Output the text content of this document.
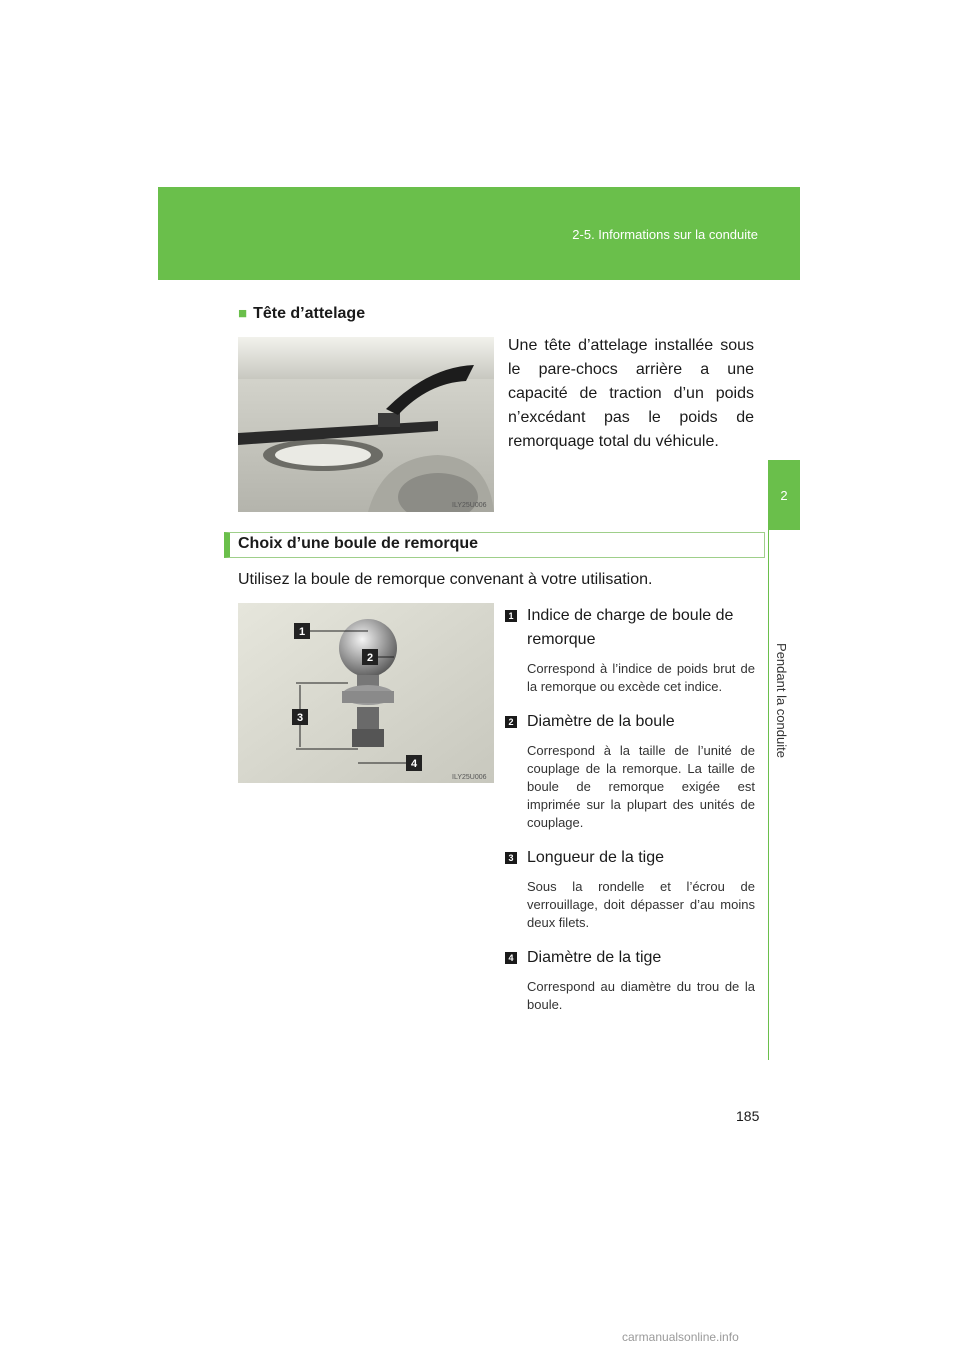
2-5. Informations sur la conduite
2
Pendant la conduite
■ Tête d’attelage
ILY25U006
Une tête d’attelage installée sous le pare-chocs arrière a une capacité de traction d’un poids n’excédant pas le poids de remorquage total du véhicule.
Choix d’une boule de remorque
Utilisez la boule de remorque convenant à votre utilisation.
1
2
3
4
ILY25U006
1 Indice de charge de boule de remorque
Correspond à l’indice de poids brut de la remorque ou excède cet indice.
2 Diamètre de la boule
Correspond à la taille de l’unité de couplage de la remorque. La taille de boule de remorque exigée est imprimée sur la plupart des unités de couplage.
3 Longueur de la tige
Sous la rondelle et l’écrou de verrouillage, doit dépasser d’au moins deux filets.
4 Diamètre de la tige
Correspond au diamètre du trou de la boule.
185
carmanualsonline.info
